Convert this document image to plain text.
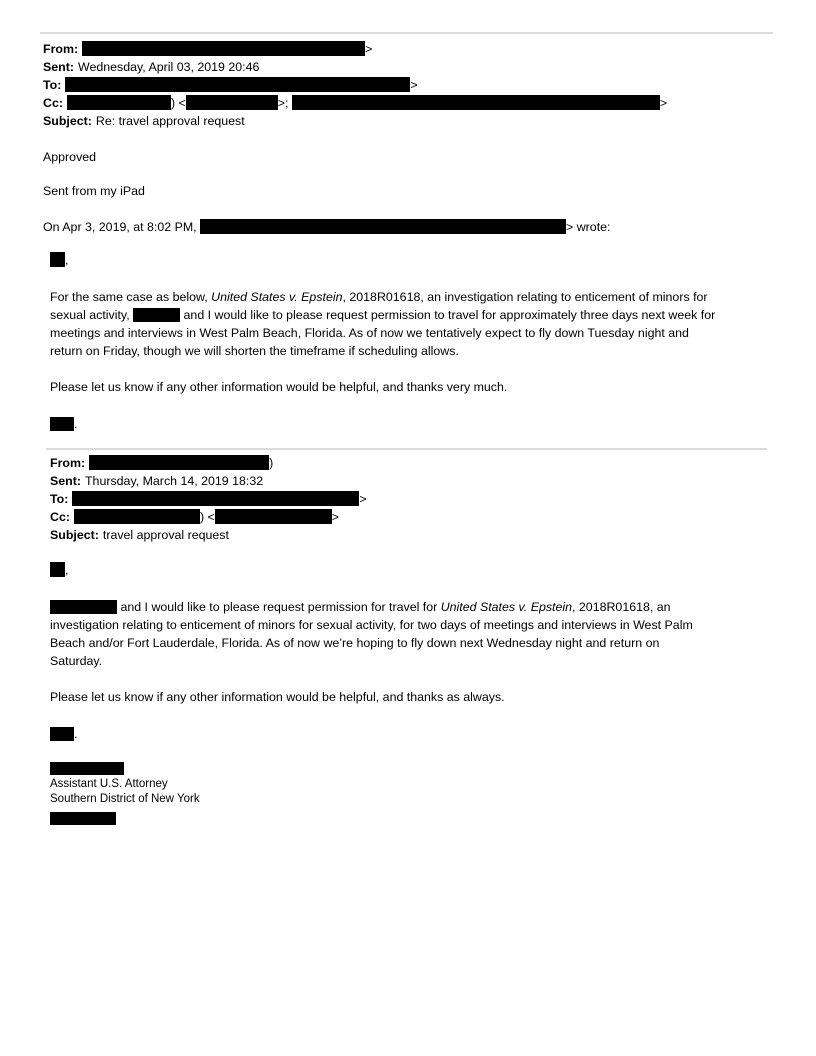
From:	>
Sent: Wednesday, April 03, 2019 20:46
To:	>
Cc:	) <	>;	>
Subject: Re: travel approval request
Approved
Sent from my iPad
On Apr 3, 2019, at 8:02 PM,	> wrote:
,
For the same case as below, United States v. Epstein, 2018R01618, an investigation relating to enticement of minors for
sexual activity,	and I would like to please request permission to travel for approximately three days next week for
meetings and interviews in West Palm Beach, Florida. As of now we tentatively expect to fly down Tuesday night and
return on Friday, though we will shorten the timeframe if scheduling allows.
Please let us know if any other information would be helpful, and thanks very much.
.
From:	)
Sent: Thursday, March 14, 2019 18:32
To:	>
Cc:	) <	>
Subject: travel approval request
,
and I would like to please request permission for travel for United States v. Epstein, 2018R01618, an
investigation relating to enticement of minors for sexual activity, for two days of meetings and interviews in West Palm
Beach and/or Fort Lauderdale, Florida. As of now we’re hoping to fly down next Wednesday night and return on
Saturday.
Please let us know if any other information would be helpful, and thanks as always.
.
Assistant U.S. Attorney
Southern District of New York
